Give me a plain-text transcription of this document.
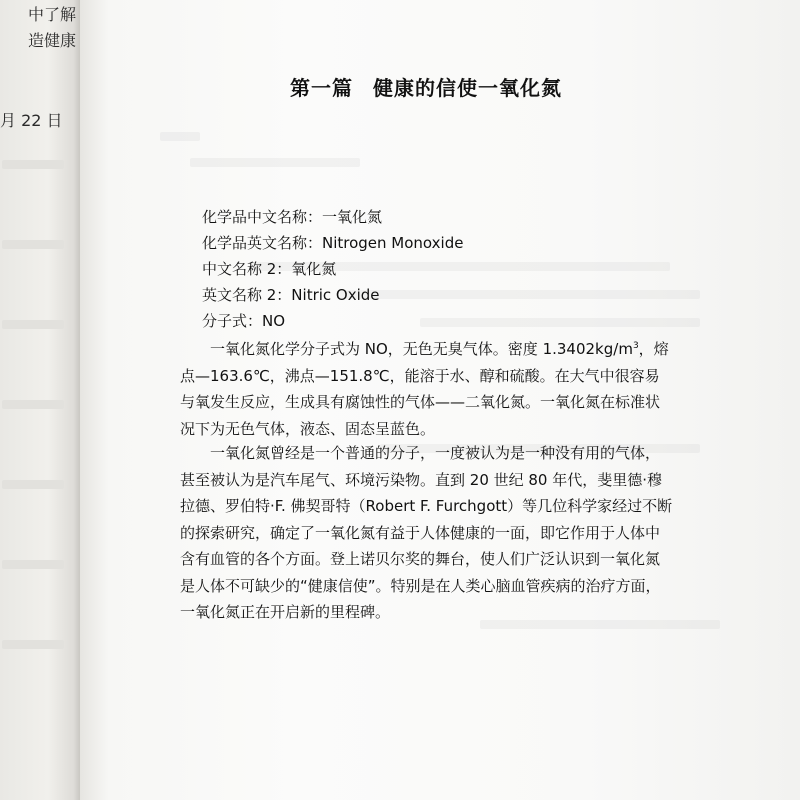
中了解
造健康
月 22 日
第一篇 健康的信使一氧化氮
化学品中文名称：一氧化氮
化学品英文名称：Nitrogen Monoxide
中文名称 2：氧化氮
英文名称 2：Nitric Oxide
分子式：NO
一氧化氮化学分子式为 NO，无色无臭气体。密度 $1.3402kg/m^3$，熔
点—163.6℃，沸点—151.8℃，能溶于水、醇和硫酸。在大气中很容易
与氧发生反应，生成具有腐蚀性的气体——二氧化氮。一氧化氮在标准状
况下为无色气体，液态、固态呈蓝色。
一氧化氮曾经是一个普通的分子，一度被认为是一种没有用的气体，
甚至被认为是汽车尾气、环境污染物。直到 20 世纪 80 年代，斐里德·穆
拉德、罗伯特·F. 佛契哥特（Robert F. Furchgott）等几位科学家经过不断
的探索研究，确定了一氧化氮有益于人体健康的一面，即它作用于人体中
含有血管的各个方面。登上诺贝尔奖的舞台，使人们广泛认识到一氧化氮
是人体不可缺少的“健康信使”。特别是在人类心脑血管疾病的治疗方面，
一氧化氮正在开启新的里程碑。
